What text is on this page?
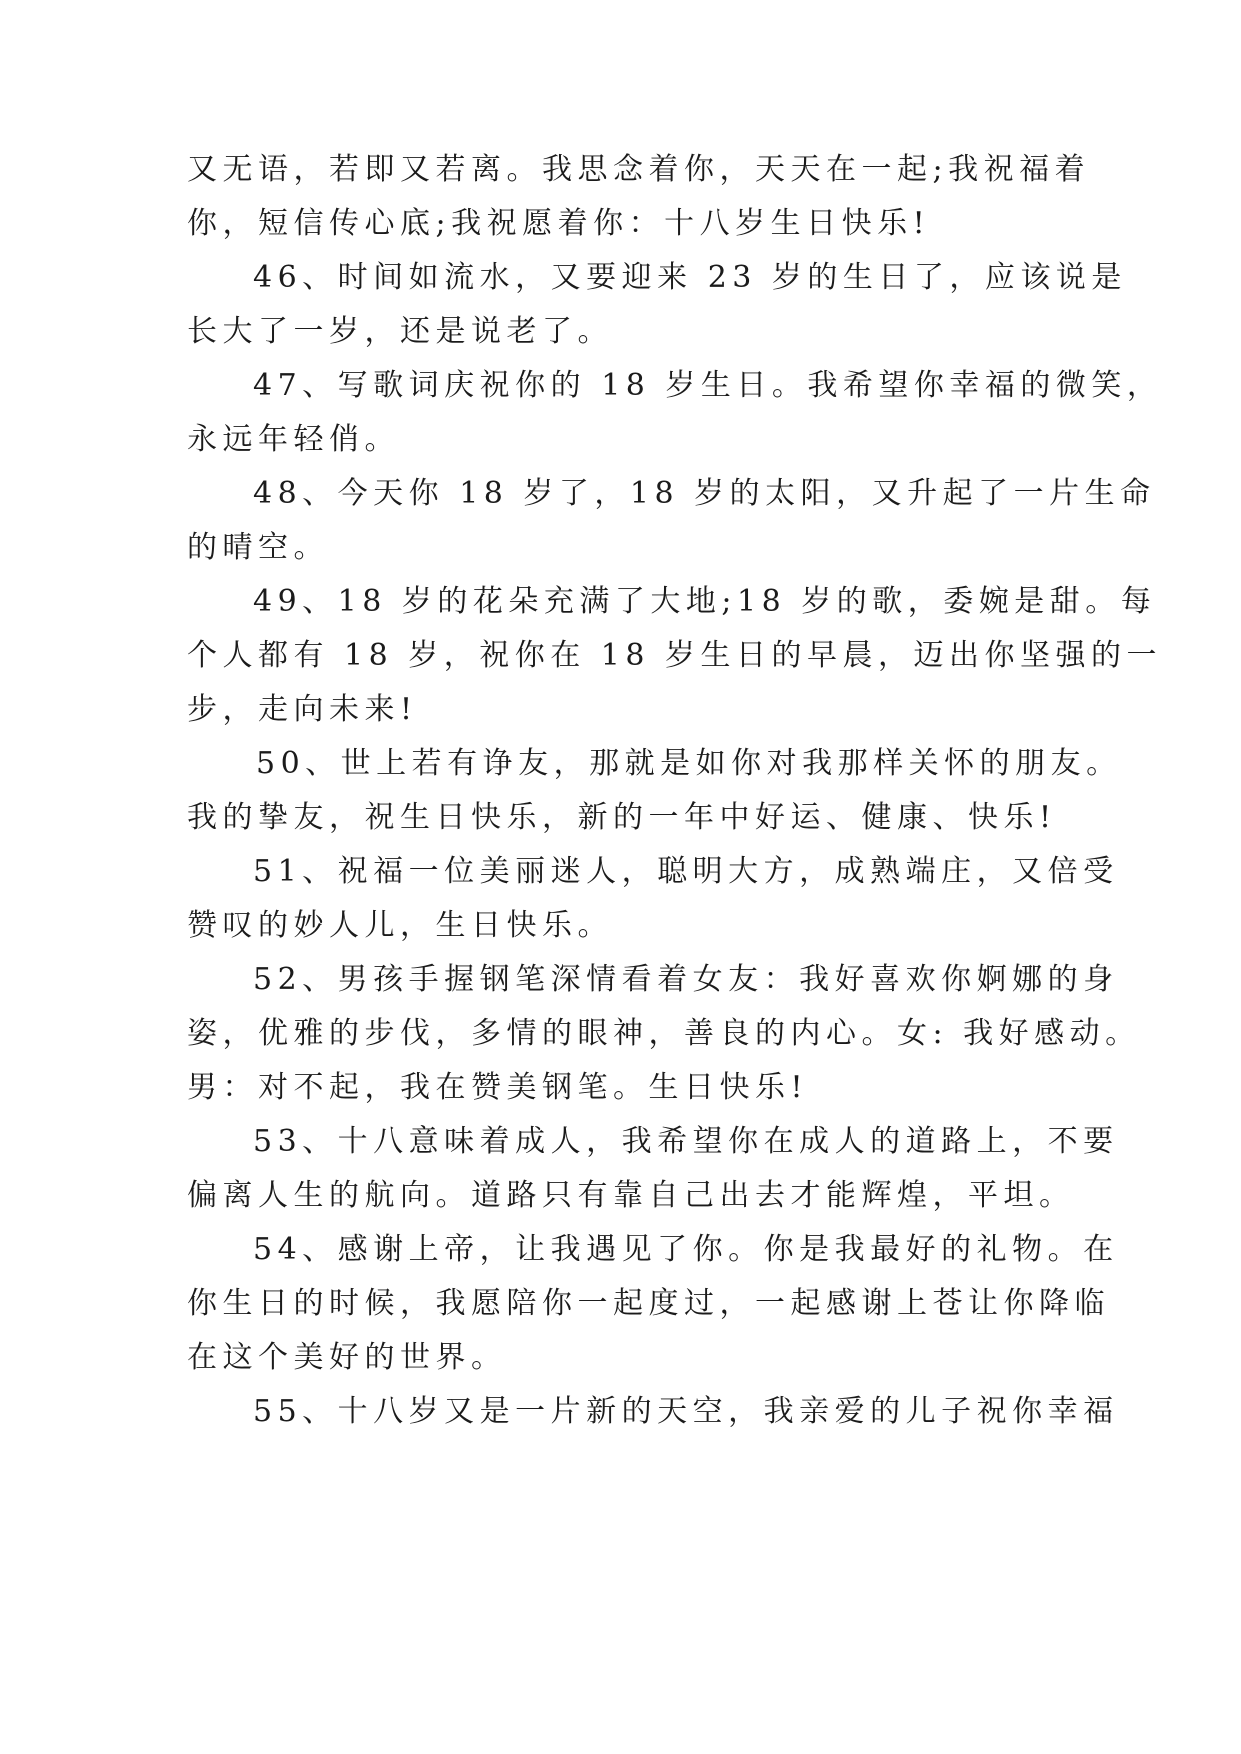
又无语，若即又若离。我思念着你，天天在一起;我祝福着
你，短信传心底;我祝愿着你：十八岁生日快乐!
46、时间如流水，又要迎来 23 岁的生日了，应该说是
长大了一岁，还是说老了。
47、写歌词庆祝你的 18 岁生日。我希望你幸福的微笑，
永远年轻俏。
48、今天你 18 岁了，18 岁的太阳，又升起了一片生命
的晴空。
49、18 岁的花朵充满了大地;18 岁的歌，委婉是甜。每
个人都有 18 岁，祝你在 18 岁生日的早晨，迈出你坚强的一
步，走向未来!
50、世上若有诤友，那就是如你对我那样关怀的朋友。
我的挚友，祝生日快乐，新的一年中好运、健康、快乐!
51、祝福一位美丽迷人，聪明大方，成熟端庄，又倍受
赞叹的妙人儿，生日快乐。
52、男孩手握钢笔深情看着女友：我好喜欢你婀娜的身
姿，优雅的步伐，多情的眼神，善良的内心。女: 我好感动。
男：对不起，我在赞美钢笔。生日快乐!
53、十八意味着成人，我希望你在成人的道路上，不要
偏离人生的航向。道路只有靠自己出去才能辉煌，平坦。
54、感谢上帝，让我遇见了你。你是我最好的礼物。在
你生日的时候，我愿陪你一起度过，一起感谢上苍让你降临
在这个美好的世界。
55、十八岁又是一片新的天空，我亲爱的儿子祝你幸福
